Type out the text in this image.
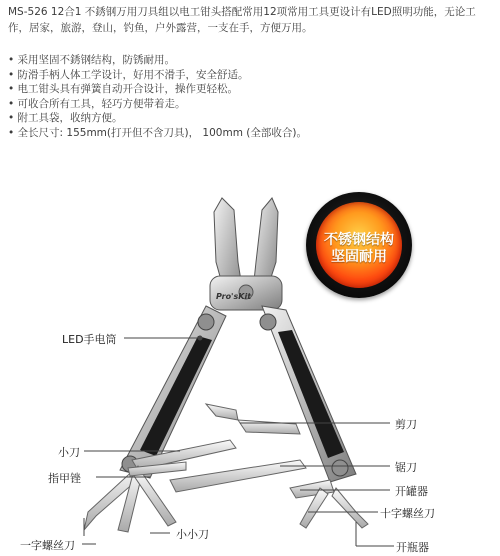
MS-526 12合1 不銹钢万用刀具组以电工钳头搭配常用12项常用工具更设计有LED照明功能，无论工作，居家，旅游，登山，钓鱼，户外露营，一支在手，方便万用。
• 采用坚固不銹钢结构，防锈耐用。
• 防滑手柄人体工学设计，好用不滑手，安全舒适。
• 电工钳头具有弹簧自动开合设计，操作更轻松。
• 可收合所有工具，轻巧方便带着走。
• 附工具袋，收纳方便。
• 全长尺寸: 155mm(打开但不含刀具)， 100mm (全部收合)。
Pro'sKit
不锈钢结构
坚固耐用
LED手电筒
剪刀
小刀
锯刀
指甲锉
开罐器
十字螺丝刀
小小刀
一字螺丝刀	开瓶器
